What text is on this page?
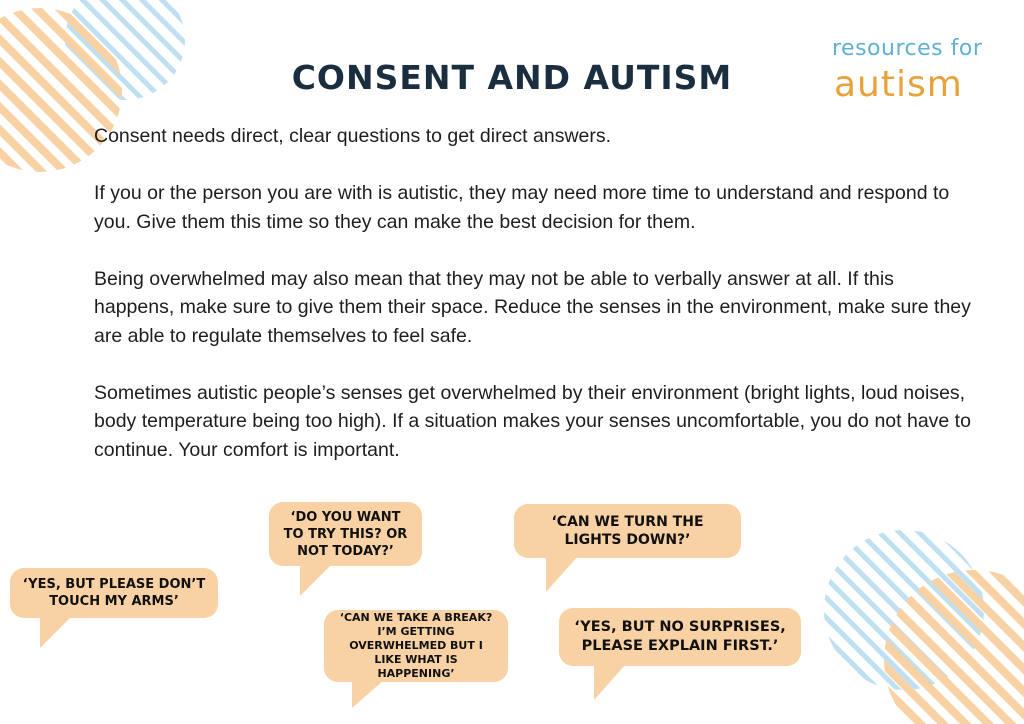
CONSENT AND AUTISM
resources for
autism

Consent needs direct, clear questions to get direct answers.

If you or the person you are with is autistic, they may need more time to understand and respond to you. Give them this time so they can make the best decision for them.

Being overwhelmed may also mean that they may not be able to verbally answer at all. If this happens, make sure to give them their space. Reduce the senses in the environment, make sure they are able to regulate themselves to feel safe.

Sometimes autistic people’s senses get overwhelmed by their environment (bright lights, loud noises, body temperature being too high). If a situation makes your senses uncomfortable, you do not have to continue. Your comfort is important.

‘YES, BUT PLEASE DON’T TOUCH MY ARMS’
‘DO YOU WANT TO TRY THIS? OR NOT TODAY?’
‘CAN WE TAKE A BREAK? I’M GETTING OVERWHELMED BUT I LIKE WHAT IS HAPPENING’
‘CAN WE TURN THE LIGHTS DOWN?’
‘YES, BUT NO SURPRISES, PLEASE EXPLAIN FIRST.’
